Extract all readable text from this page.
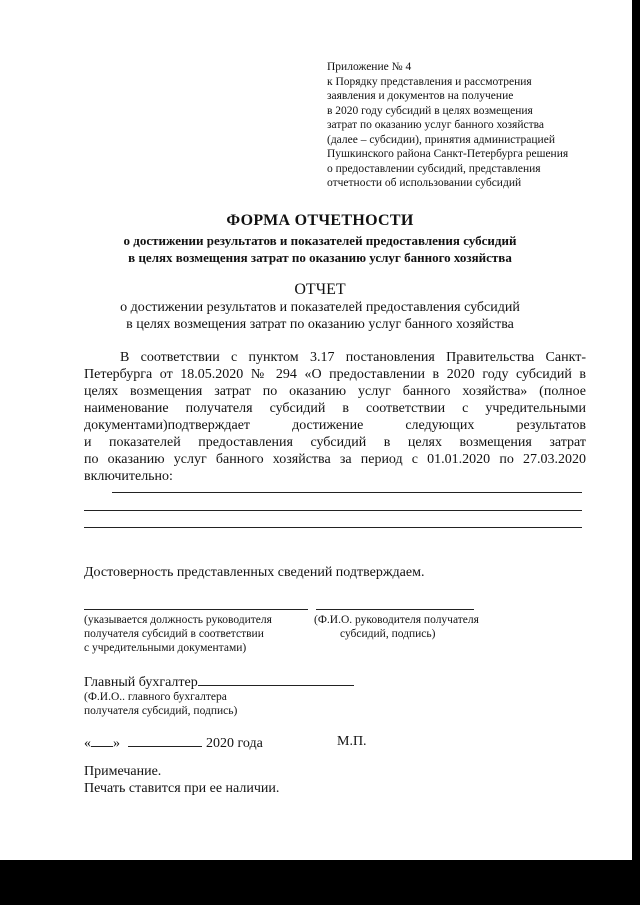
Приложение № 4
к Порядку представления и рассмотрения
заявления и документов на получение
в 2020 году субсидий в целях возмещения
затрат по оказанию услуг банного хозяйства
(далее – субсидии), принятия администрацией
Пушкинского района Санкт-Петербурга решения
о предоставлении субсидий, представления
отчетности об использовании субсидий
ФОРМА ОТЧЕТНОСТИ
о достижении результатов и показателей предоставления субсидий
в целях возмещения затрат по оказанию услуг банного хозяйства
ОТЧЕТ
о достижении результатов и показателей предоставления субсидий
в целях возмещения затрат по оказанию услуг банного хозяйства
В соответствии с пунктом 3.17 постановления Правительства Санкт-
Петербурга от 18.05.2020 № 294 «О предоставлении в 2020 году субсидий в
целях возмещения затрат по оказанию услуг банного хозяйства» (полное
наименование получателя субсидий в соответствии с учредительными
документами)подтверждает достижение следующих результатов
и показателей предоставления субсидий в целях возмещения затрат
по оказанию услуг банного хозяйства за период с 01.01.2020 по 27.03.2020
включительно:
Достоверность представленных сведений подтверждаем.
(указывается должность руководителя
получателя субсидий в соответствии
с учредительными документами)
(Ф.И.О. руководителя получателя
субсидий, подпись)
Главный бухгалтер
(Ф.И.О.. главного бухгалтера
получателя субсидий, подпись)
« »	2020 года	М.П.
Примечание.
Печать ставится при ее наличии.
